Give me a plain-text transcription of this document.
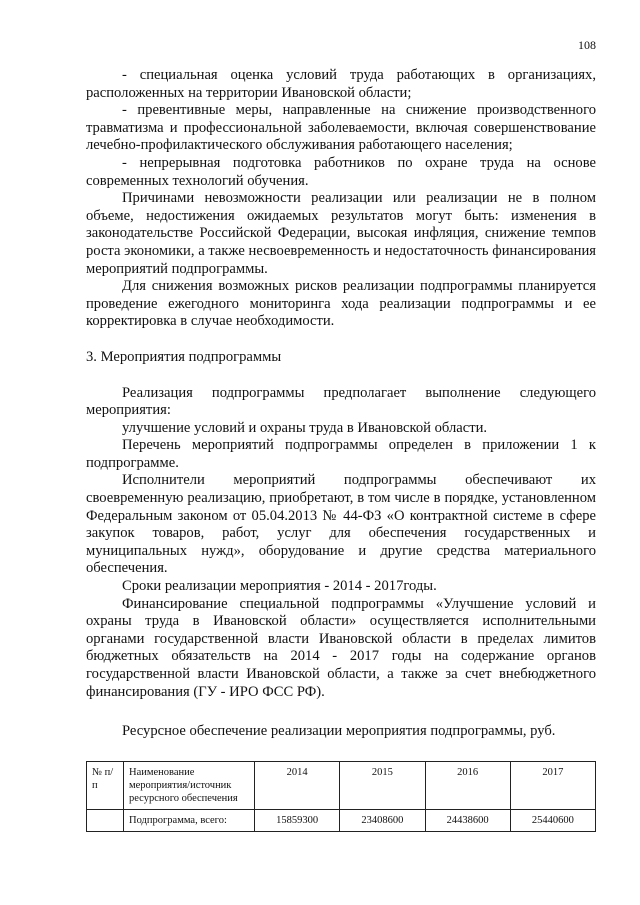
108

- специальная оценка условий труда работающих в организациях, расположенных на территории Ивановской области;

- превентивные меры, направленные на снижение производственного травматизма и профессиональной заболеваемости, включая совершенствование лечебно-профилактического обслуживания работающего населения;

- непрерывная подготовка работников по охране труда на основе современных технологий обучения.

Причинами невозможности реализации или реализации не в полном объеме, недостижения ожидаемых результатов могут быть: изменения в законодательстве Российской Федерации, высокая инфляция, снижение темпов роста экономики, а также несвоевременность и недостаточность финансирования мероприятий подпрограммы.

Для снижения возможных рисков реализации подпрограммы планируется проведение ежегодного мониторинга хода реализации подпрограммы и ее корректировка в случае необходимости.

3. Мероприятия подпрограммы

Реализация подпрограммы предполагает выполнение следующего мероприятия:

улучшение условий и охраны труда в Ивановской области.

Перечень мероприятий подпрограммы определен в приложении 1 к подпрограмме.

Исполнители мероприятий подпрограммы обеспечивают их своевременную реализацию, приобретают, в том числе в порядке, установленном Федеральным законом от 05.04.2013 № 44-ФЗ «О контрактной системе в сфере закупок товаров, работ, услуг для обеспечения государственных и муниципальных нужд», оборудование и другие средства материального обеспечения.

Сроки реализации мероприятия - 2014 - 2017годы.

Финансирование специальной подпрограммы «Улучшение условий и охраны труда в Ивановской области» осуществляется исполнительными органами государственной власти Ивановской области в пределах лимитов бюджетных обязательств на 2014 - 2017 годы на содержание органов государственной власти Ивановской области, а также за счет внебюджетного финансирования (ГУ - ИРО ФСС РФ).

Ресурсное обеспечение реализации мероприятия подпрограммы, руб.

№ п/п	Наименование мероприятия/источник ресурсного обеспечения	2014	2015	2016	2017
	Подпрограмма, всего:	15859300	23408600	24438600	25440600
